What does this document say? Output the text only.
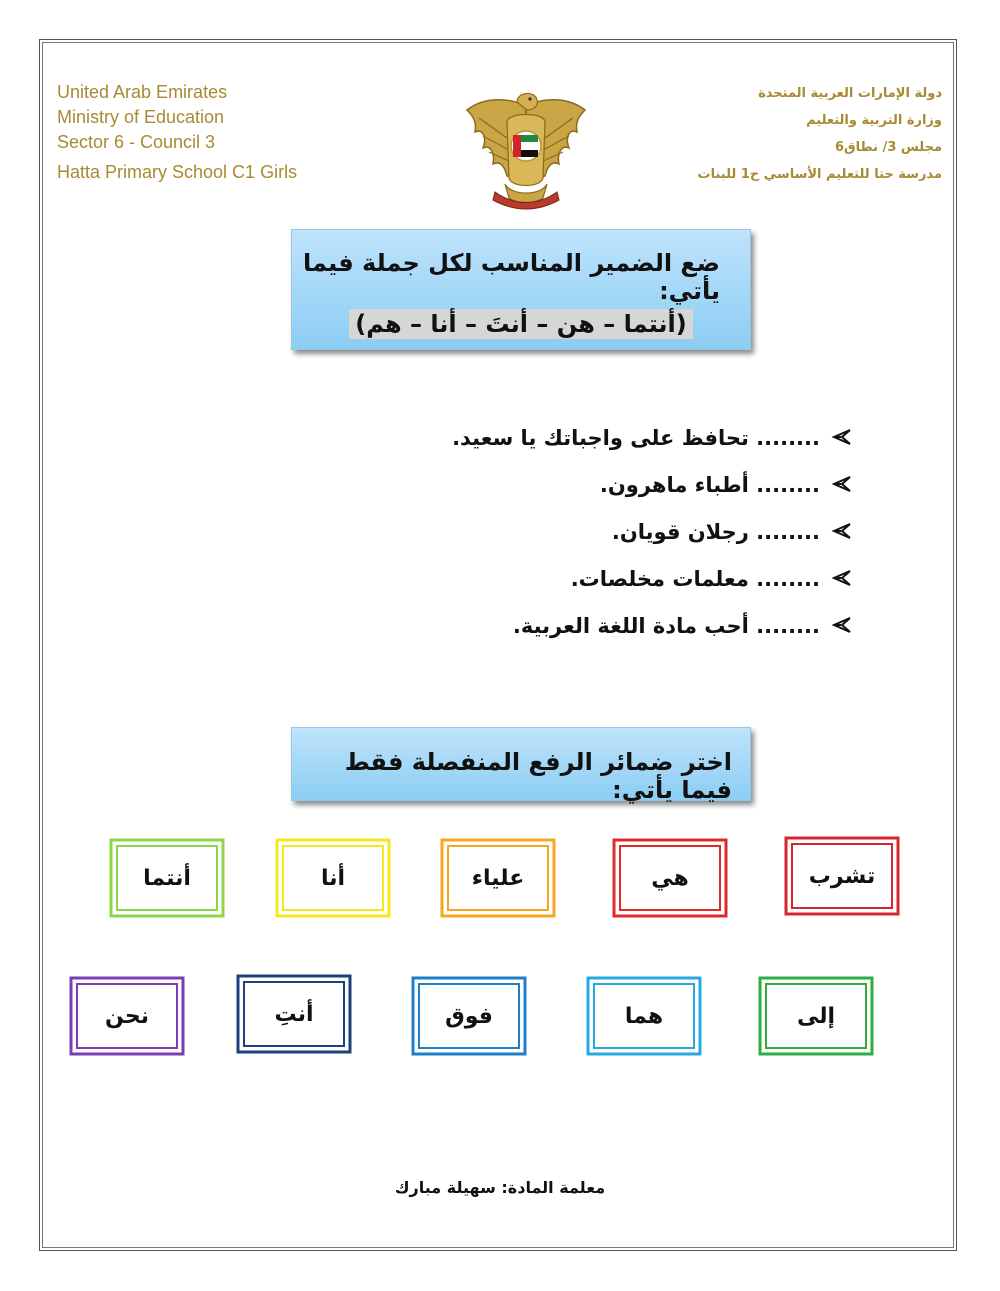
United Arab Emirates
Ministry of Education
Sector 6 - Council 3
Hatta Primary School C1 Girls
دولة الإمارات العربية المتحدة
وزارة التربية والتعليم
مجلس 3/ نطاق6
مدرسة حتا للتعليم الأساسي ح1 للبنات
ضع الضمير المناسب لكل جملة فيما يأتي:
(أنتما – هن – أنتَ – أنا – هم)
........ تحافظ على واجباتك يا سعيد.
........ أطباء ماهرون.
........ رجلان قويان.
........ معلمات مخلصات.
........ أحب مادة اللغة العربية.
اختر ضمائر الرفع المنفصلة فقط فيما يأتي:
تشرب
هي
علياء
أنا
أنتما
إلى
هما
فوق
أنتِ
نحن
معلمة المادة: سهيلة مبارك
